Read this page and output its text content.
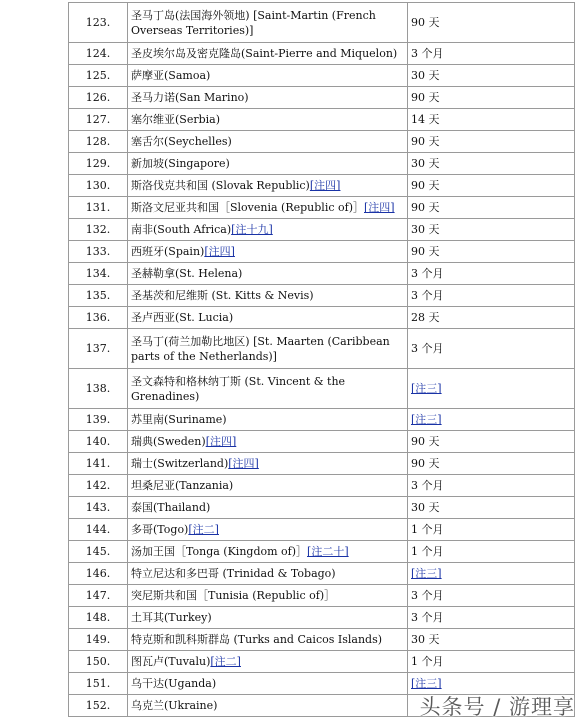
123.	圣马丁岛(法国海外领地) [Saint-Martin (French Overseas Territories)]	90 天
124.	圣皮埃尔岛及密克隆岛(Saint-Pierre and Miquelon)	3 个月
125.	萨摩亚(Samoa)	30 天
126.	圣马力诺(San Marino)	90 天
127.	塞尔维亚(Serbia)	14 天
128.	塞舌尔(Seychelles)	90 天
129.	新加坡(Singapore)	30 天
130.	斯洛伐克共和国 (Slovak Republic)[注四]	90 天
131.	斯洛文尼亚共和国［Slovenia (Republic of)］[注四]	90 天
132.	南非(South Africa)[注十九]	30 天
133.	西班牙(Spain)[注四]	90 天
134.	圣赫勒拿(St. Helena)	3 个月
135.	圣基茨和尼维斯 (St. Kitts & Nevis)	3 个月
136.	圣卢西亚(St. Lucia)	28 天
137.	圣马丁(荷兰加勒比地区) [St. Maarten (Caribbean parts of the Netherlands)]	3 个月
138.	圣文森特和格林纳丁斯 (St. Vincent & the Grenadines)	[注三]
139.	苏里南(Suriname)	[注三]
140.	瑞典(Sweden)[注四]	90 天
141.	瑞士(Switzerland)[注四]	90 天
142.	坦桑尼亚(Tanzania)	3 个月
143.	泰国(Thailand)	30 天
144.	多哥(Togo)[注二]	1 个月
145.	汤加王国［Tonga (Kingdom of)］[注二十]	1 个月
146.	特立尼达和多巴哥 (Trinidad & Tobago)	[注三]
147.	突尼斯共和国［Tunisia (Republic of)］	3 个月
148.	土耳其(Turkey)	3 个月
149.	特克斯和凯科斯群岛 (Turks and Caicos Islands)	30 天
150.	图瓦卢(Tuvalu)[注二]	1 个月
151.	乌干达(Uganda)	[注三]
152.	乌克兰(Ukraine)		头条号 / 游理享
